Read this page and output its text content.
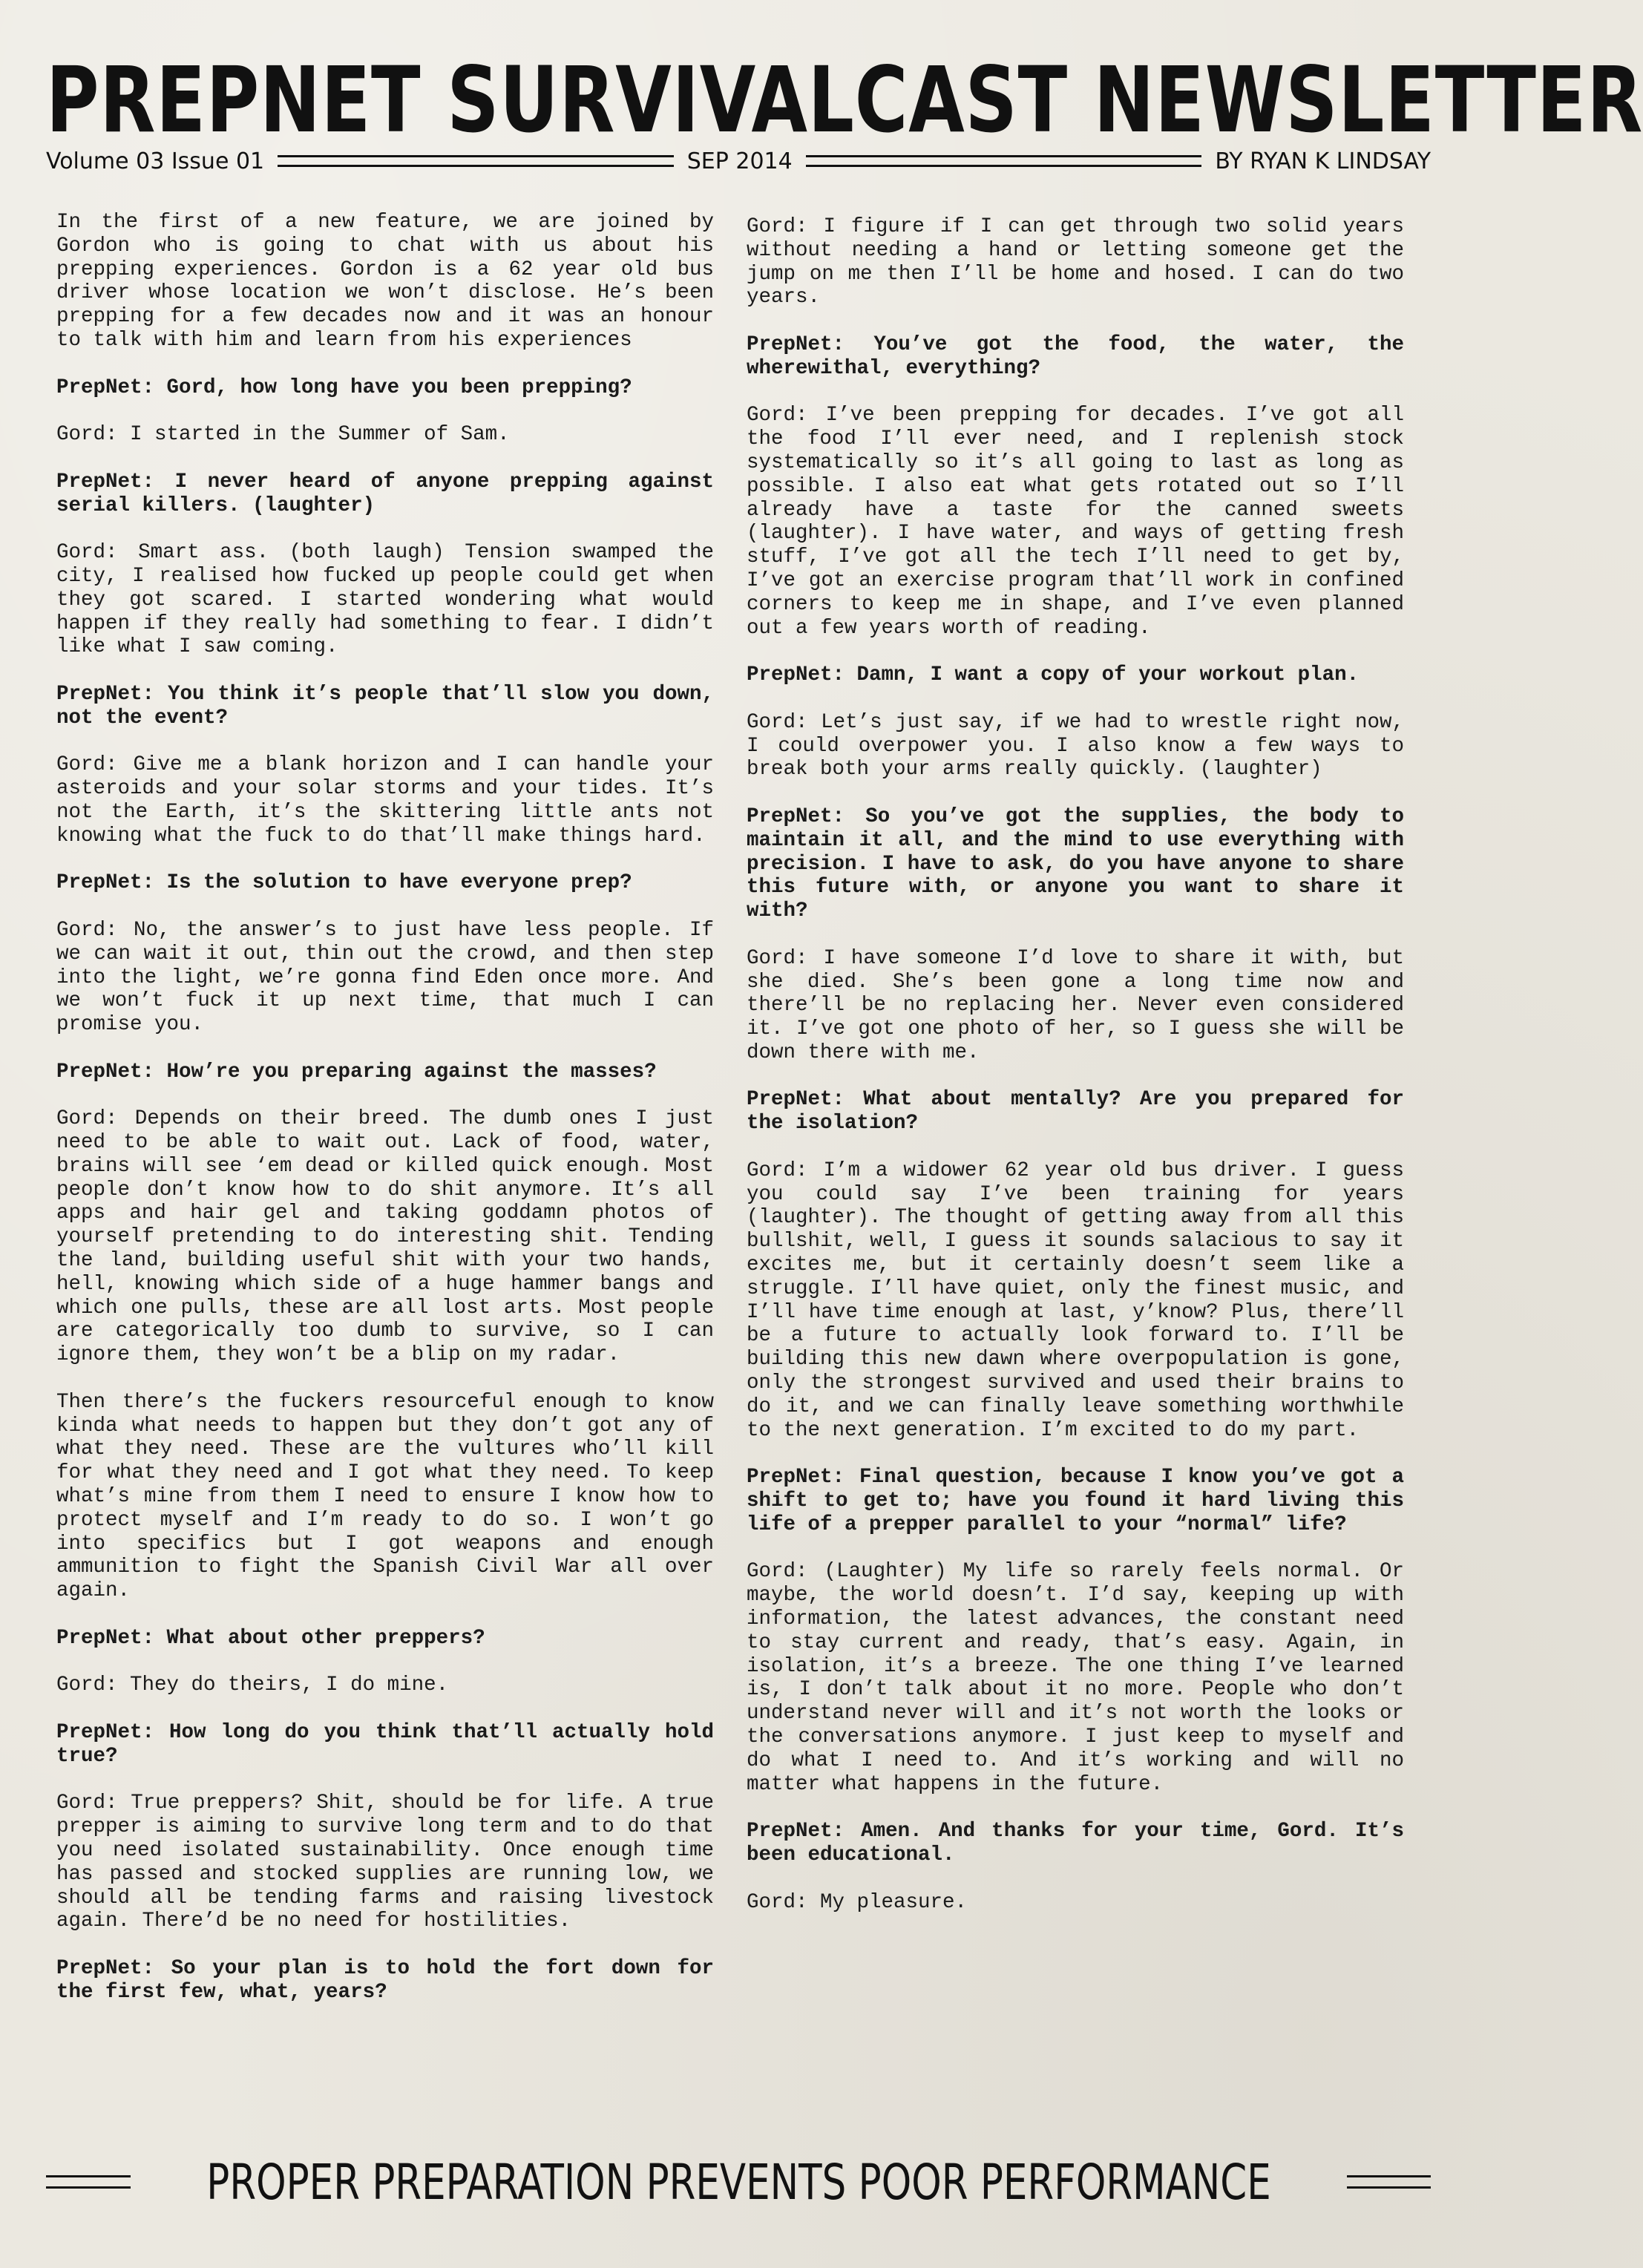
PREPNET SURVIVALCAST NEWSLETTER
Volume 03 Issue 01	SEP 2014	BY RYAN K LINDSAY

In the first of a new feature, we are joined by Gordon who is going to chat with us about his prepping experiences. Gordon is a 62 year old bus driver whose location we won’t disclose. He’s been prepping for a few decades now and it was an honour to talk with him and learn from his experiences

PrepNet: Gord, how long have you been prepping?

Gord: I started in the Summer of Sam.

PrepNet: I never heard of anyone prepping against serial killers. (laughter)

Gord: Smart ass. (both laugh) Tension swamped the city, I realised how fucked up people could get when they got scared. I started wondering what would happen if they really had something to fear. I didn’t like what I saw coming.

PrepNet: You think it’s people that’ll slow you down, not the event?

Gord: Give me a blank horizon and I can handle your asteroids and your solar storms and your tides. It’s not the Earth, it’s the skittering little ants not knowing what the fuck to do that’ll make things hard.

PrepNet: Is the solution to have everyone prep?

Gord: No, the answer’s to just have less people. If we can wait it out, thin out the crowd, and then step into the light, we’re gonna find Eden once more. And we won’t fuck it up next time, that much I can promise you.

PrepNet: How’re you preparing against the masses?

Gord: Depends on their breed. The dumb ones I just need to be able to wait out. Lack of food, water, brains will see ‘em dead or killed quick enough. Most people don’t know how to do shit anymore. It’s all apps and hair gel and taking goddamn photos of yourself pretending to do interesting shit. Tending the land, building useful shit with your two hands, hell, knowing which side of a huge hammer bangs and which one pulls, these are all lost arts. Most people are categorically too dumb to survive, so I can ignore them, they won’t be a blip on my radar.

Then there’s the fuckers resourceful enough to know kinda what needs to happen but they don’t got any of what they need. These are the vultures who’ll kill for what they need and I got what they need. To keep what’s mine from them I need to ensure I know how to protect myself and I’m ready to do so. I won’t go into specifics but I got weapons and enough ammunition to fight the Spanish Civil War all over again.

PrepNet: What about other preppers?

Gord: They do theirs, I do mine.

PrepNet: How long do you think that’ll actually hold true?

Gord: True preppers? Shit, should be for life. A true prepper is aiming to survive long term and to do that you need isolated sustainability. Once enough time has passed and stocked supplies are running low, we should all be tending farms and raising livestock again. There’d be no need for hostilities.

PrepNet: So your plan is to hold the fort down for the first few, what, years?

Gord: I figure if I can get through two solid years without needing a hand or letting someone get the jump on me then I’ll be home and hosed. I can do two years.

PrepNet: You’ve got the food, the water, the wherewithal, everything?

Gord: I’ve been prepping for decades. I’ve got all the food I’ll ever need, and I replenish stock systematically so it’s all going to last as long as possible. I also eat what gets rotated out so I’ll already have a taste for the canned sweets (laughter). I have water, and ways of getting fresh stuff, I’ve got all the tech I’ll need to get by, I’ve got an exercise program that’ll work in confined corners to keep me in shape, and I’ve even planned out a few years worth of reading.

PrepNet: Damn, I want a copy of your workout plan.

Gord: Let’s just say, if we had to wrestle right now, I could overpower you. I also know a few ways to break both your arms really quickly. (laughter)

PrepNet: So you’ve got the supplies, the body to maintain it all, and the mind to use everything with precision. I have to ask, do you have anyone to share this future with, or anyone you want to share it with?

Gord: I have someone I’d love to share it with, but she died. She’s been gone a long time now and there’ll be no replacing her. Never even considered it. I’ve got one photo of her, so I guess she will be down there with me.

PrepNet: What about mentally? Are you prepared for the isolation?

Gord: I’m a widower 62 year old bus driver. I guess you could say I’ve been training for years (laughter). The thought of getting away from all this bullshit, well, I guess it sounds salacious to say it excites me, but it certainly doesn’t seem like a struggle. I’ll have quiet, only the finest music, and I’ll have time enough at last, y’know? Plus, there’ll be a future to actually look forward to. I’ll be building this new dawn where overpopulation is gone, only the strongest survived and used their brains to do it, and we can finally leave something worthwhile to the next generation. I’m excited to do my part.

PrepNet: Final question, because I know you’ve got a shift to get to; have you found it hard living this life of a prepper parallel to your “normal” life?

Gord: (Laughter) My life so rarely feels normal. Or maybe, the world doesn’t. I’d say, keeping up with information, the latest advances, the constant need to stay current and ready, that’s easy. Again, in isolation, it’s a breeze. The one thing I’ve learned is, I don’t talk about it no more. People who don’t understand never will and it’s not worth the looks or the conversations anymore. I just keep to myself and do what I need to. And it’s working and will no matter what happens in the future.

PrepNet: Amen. And thanks for your time, Gord. It’s been educational.

Gord: My pleasure.

PROPER PREPARATION PREVENTS POOR PERFORMANCE
